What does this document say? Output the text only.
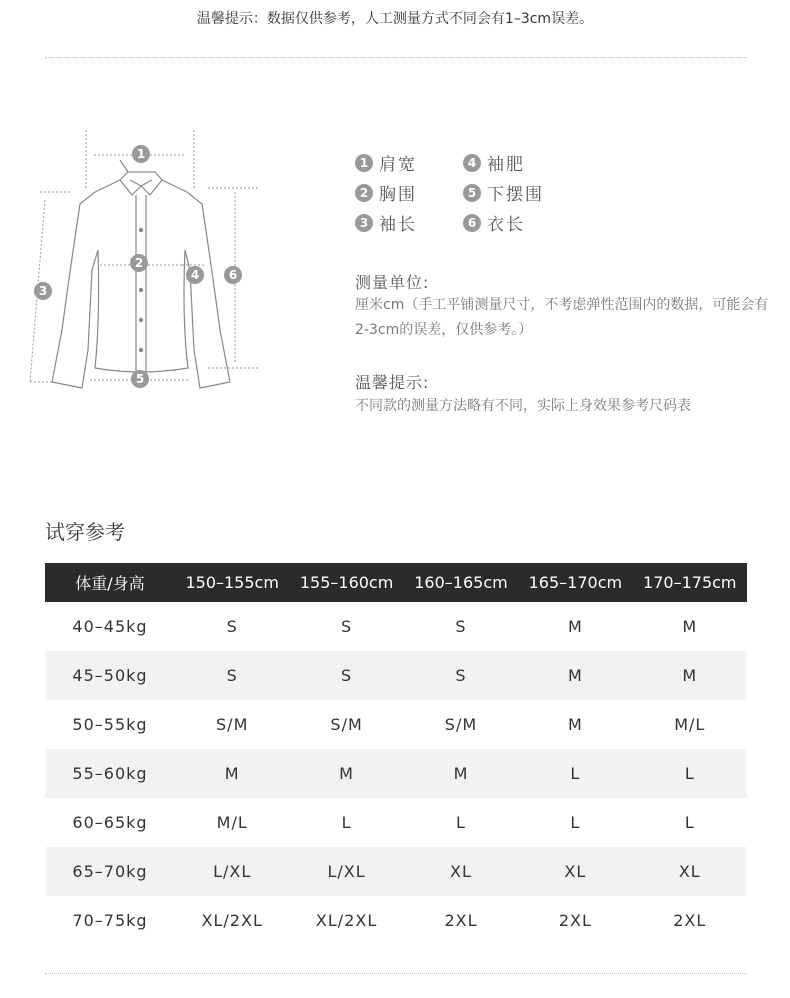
温馨提示：数据仅供参考，人工测量方式不同会有1–3cm误差。
1
2
3
4
5
6
1 肩宽
2 胸围
3 袖长
4 袖肥
5 下摆围
6 衣长
测量单位:
厘米cm（手工平铺测量尺寸，不考虑弹性范围内的数据，可能会有2-3cm的误差，仅供参考。）
温馨提示:
不同款的测量方法略有不同，实际上身效果参考尺码表
试穿参考
体重/身高	150–155cm	155–160cm	160–165cm	165–170cm	170–175cm
40–45kg	S	S	S	M	M
45–50kg	S	S	S	M	M
50–55kg	S/M	S/M	S/M	M	M/L
55–60kg	M	M	M	L	L
60–65kg	M/L	L	L	L	L
65–70kg	L/XL	L/XL	XL	XL	XL
70–75kg	XL/2XL	XL/2XL	2XL	2XL	2XL
